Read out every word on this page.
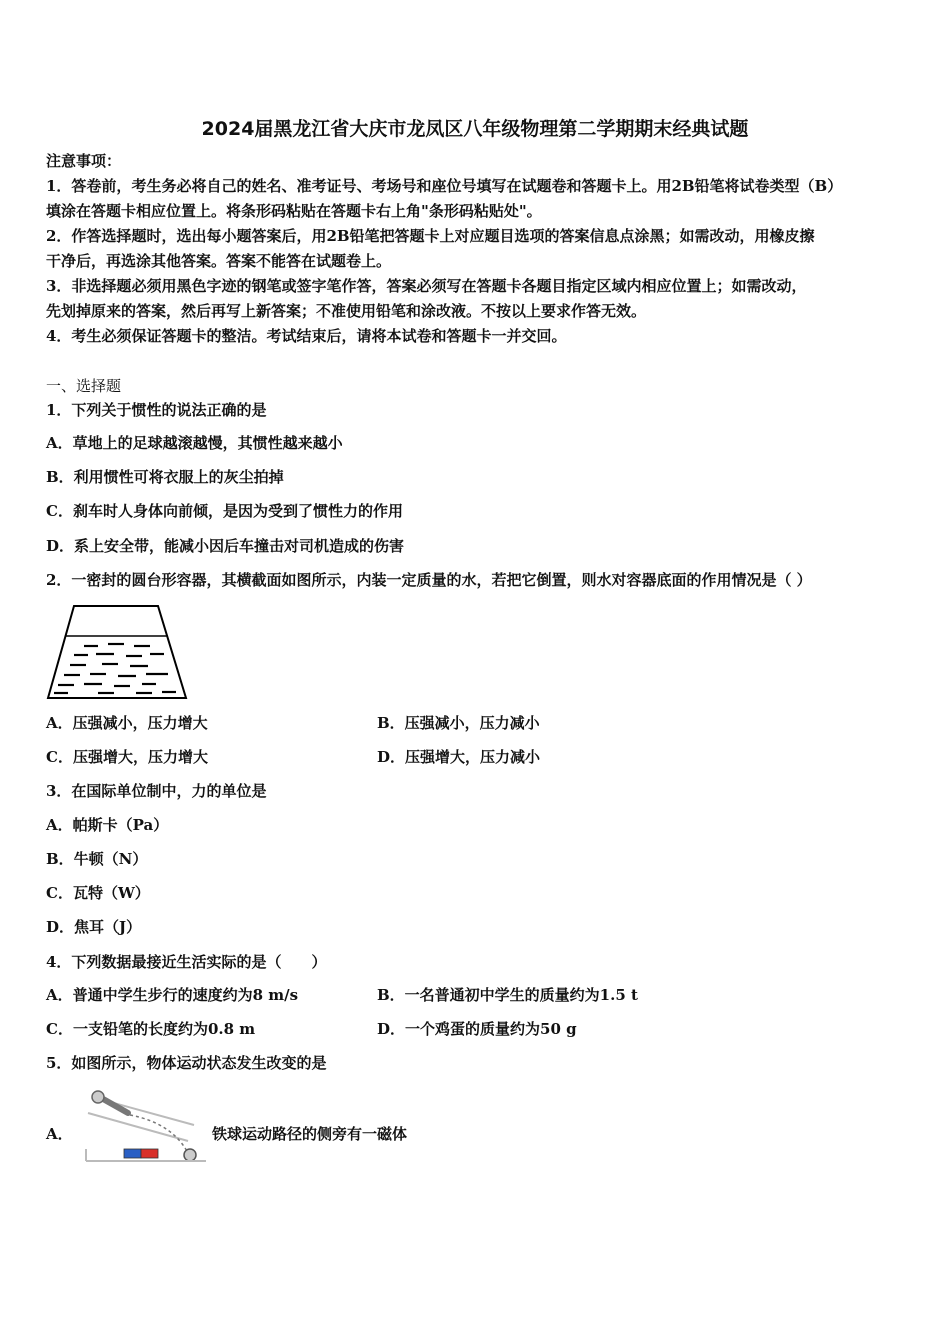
2024届黑龙江省大庆市龙凤区八年级物理第二学期期末经典试题
注意事项：
1．答卷前，考生务必将自己的姓名、准考证号、考场号和座位号填写在试题卷和答题卡上。用2B铅笔将试卷类型（B）
填涂在答题卡相应位置上。将条形码粘贴在答题卡右上角"条形码粘贴处"。
2．作答选择题时，选出每小题答案后，用2B铅笔把答题卡上对应题目选项的答案信息点涂黑；如需改动，用橡皮擦
干净后，再选涂其他答案。答案不能答在试题卷上。
3．非选择题必须用黑色字迹的钢笔或签字笔作答，答案必须写在答题卡各题目指定区域内相应位置上；如需改动，
先划掉原来的答案，然后再写上新答案；不准使用铅笔和涂改液。不按以上要求作答无效。
4．考生必须保证答题卡的整洁。考试结束后，请将本试卷和答题卡一并交回。
一、选择题
1．下列关于惯性的说法正确的是
A．草地上的足球越滚越慢，其惯性越来越小
B．利用惯性可将衣服上的灰尘拍掉
C．刹车时人身体向前倾，是因为受到了惯性力的作用
D．系上安全带，能减小因后车撞击对司机造成的伤害
2．一密封的圆台形容器，其横截面如图所示，内装一定质量的水，若把它倒置，则水对容器底面的作用情况是（ ）
A．压强减小，压力增大	B．压强减小，压力减小
C．压强增大，压力增大	D．压强增大，压力减小
3．在国际单位制中，力的单位是
A．帕斯卡（Pa）
B．牛顿（N）
C．瓦特（W）
D．焦耳（J）
4．下列数据最接近生活实际的是（　　）
A．普通中学生步行的速度约为8 m/s	B．一名普通初中学生的质量约为1.5 t
C．一支铅笔的长度约为0.8 m	D．一个鸡蛋的质量约为50 g
5．如图所示，物体运动状态发生改变的是
A．	铁球运动路径的侧旁有一磁体
